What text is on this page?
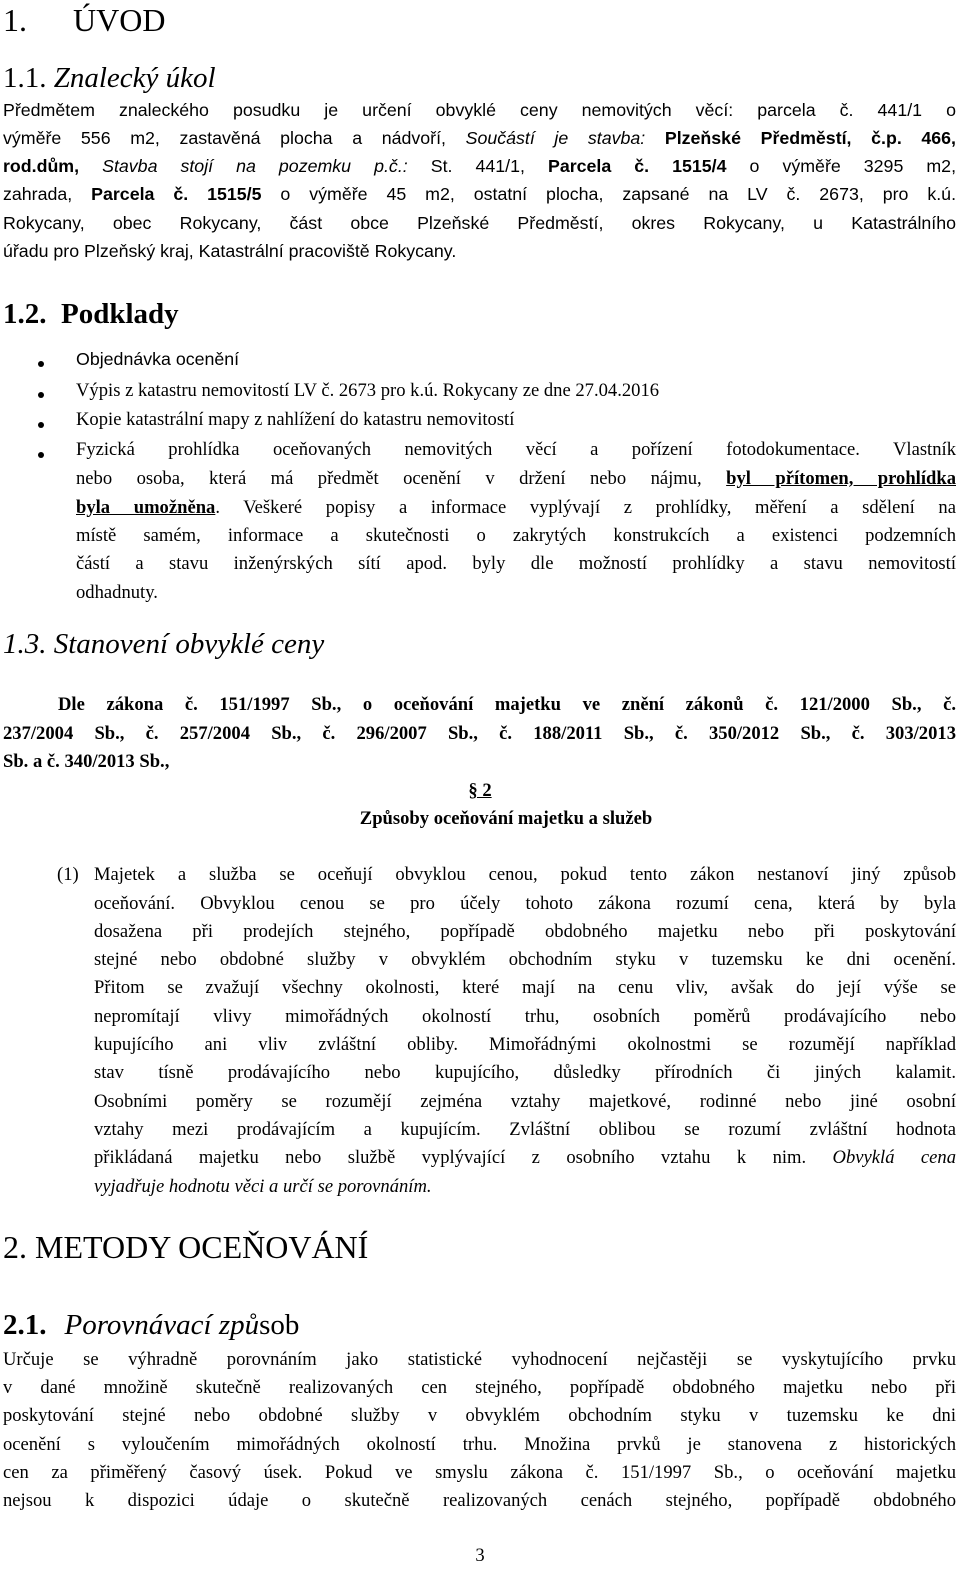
1. ÚVOD
1.1. Znalecký úkol
Předmětem znaleckého posudku je určení obvyklé ceny nemovitých věcí: parcela č. 441/1 o
výměře 556 m2, zastavěná plocha a nádvoří, Součástí je stavba: Plzeňské Předměstí, č.p. 466,
rod.dům, Stavba stojí na pozemku p.č.: St. 441/1, Parcela č. 1515/4 o výměře 3295 m2,
zahrada, Parcela č. 1515/5 o výměře 45 m2, ostatní plocha, zapsané na LV č. 2673, pro k.ú.
Rokycany, obec Rokycany, část obce Plzeňské Předměstí, okres Rokycany, u Katastrálního
úřadu pro Plzeňský kraj, Katastrální pracoviště Rokycany.
1.2. Podklady
Objednávka ocenění
Výpis z katastru nemovitostí LV č. 2673 pro k.ú. Rokycany ze dne 27.04.2016
Kopie katastrální mapy z nahlížení do katastru nemovitostí
Fyzická prohlídka oceňovaných nemovitých věcí a pořízení fotodokumentace. Vlastník
nebo osoba, která má předmět ocenění v držení nebo nájmu, byl přítomen, prohlídka
byla umožněna. Veškeré popisy a informace vyplývají z prohlídky, měření a sdělení na
místě samém, informace a skutečnosti o zakrytých konstrukcích a existenci podzemních
částí a stavu inženýrských sítí apod. byly dle možností prohlídky a stavu nemovitostí
odhadnuty.
1.3. Stanovení obvyklé ceny
Dle zákona č. 151/1997 Sb., o oceňování majetku ve znění zákonů č. 121/2000 Sb., č.
237/2004 Sb., č. 257/2004 Sb., č. 296/2007 Sb., č. 188/2011 Sb., č. 350/2012 Sb., č. 303/2013
Sb. a č. 340/2013 Sb.,
§ 2
Způsoby oceňování majetku a služeb
(1) Majetek a služba se oceňují obvyklou cenou, pokud tento zákon nestanoví jiný způsob
oceňování. Obvyklou cenou se pro účely tohoto zákona rozumí cena, která by byla
dosažena při prodejích stejného, popřípadě obdobného majetku nebo při poskytování
stejné nebo obdobné služby v obvyklém obchodním styku v tuzemsku ke dni ocenění.
Přitom se zvažují všechny okolnosti, které mají na cenu vliv, avšak do její výše se
nepromítají vlivy mimořádných okolností trhu, osobních poměrů prodávajícího nebo
kupujícího ani vliv zvláštní obliby. Mimořádnými okolnostmi se rozumějí například
stav tísně prodávajícího nebo kupujícího, důsledky přírodních či jiných kalamit.
Osobními poměry se rozumějí zejména vztahy majetkové, rodinné nebo jiné osobní
vztahy mezi prodávajícím a kupujícím. Zvláštní oblibou se rozumí zvláštní hodnota
přikládaná majetku nebo službě vyplývající z osobního vztahu k nim. Obvyklá cena
vyjadřuje hodnotu věci a určí se porovnáním.
2. METODY OCEŇOVÁNÍ
2.1. Porovnávací způsob
Určuje se výhradně porovnáním jako statistické vyhodnocení nejčastěji se vyskytujícího prvku
v dané množině skutečně realizovaných cen stejného, popřípadě obdobného majetku nebo při
poskytování stejné nebo obdobné služby v obvyklém obchodním styku v tuzemsku ke dni
ocenění s vyloučením mimořádných okolností trhu. Množina prvků je stanovena z historických
cen za přiměřený časový úsek. Pokud ve smyslu zákona č. 151/1997 Sb., o oceňování majetku
nejsou k dispozici údaje o skutečně realizovaných cenách stejného, popřípadě obdobného
3
